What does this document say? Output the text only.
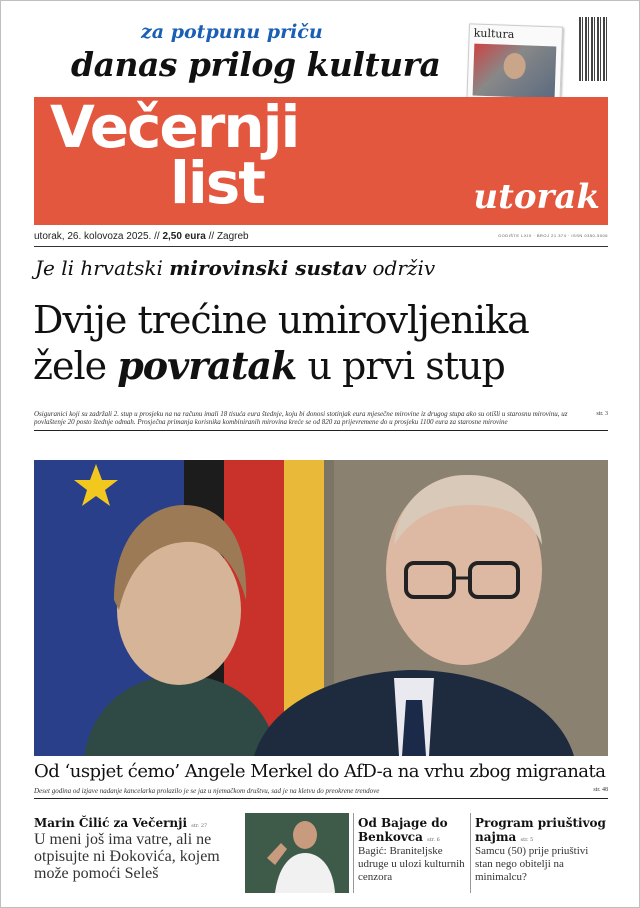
za potpunu priču
danas prilog kultura
kultura
Večernji
list	utorak
utorak, 26. kolovoza 2025. // 2,50 eura // Zagreb	GODIŠTE LXIX · BROJ 21.374 · ISSN 0350-5006
Je li hrvatski mirovinski sustav održiv
Dvije trećine umirovljenika
žele povratak u prvi stup
str. 3
Osiguranici koji su zadržali 2. stup u prosjeku na na računu imali 18 tisuća eura štednje, koju bi donosi stotinjak eura mjesečne mirovine iz drugog stupa ako su otišli u starosnu mirovinu, uz povlaštenje 20 posto štednje odmah. Prosječna primanja korisnika kombiniranih mirovina kreće se od 820 za prijevremene do u prosjeku 1100 eura za starosne mirovine
Od ‘uspjet ćemo’ Angele Merkel do AfD-a na vrhu zbog migranata
Deset godina od izjave nadanje kancelarka prolazilo je se jaz u njemačkom društvu, sad je na kletvu do preokrene trendove	str. 48
Marin Čilić za Večernji str. 27
U meni još ima vatre, ali ne otpisujte ni Đokovića, kojem može pomoći Seleš
Od Bajage do Benkovca str. 6
Bagić: Braniteljske udruge u ulozi kulturnih cenzora
Program priuštivog najma str. 5
Samcu (50) prije priuštivi stan nego obitelji na minimalcu?
